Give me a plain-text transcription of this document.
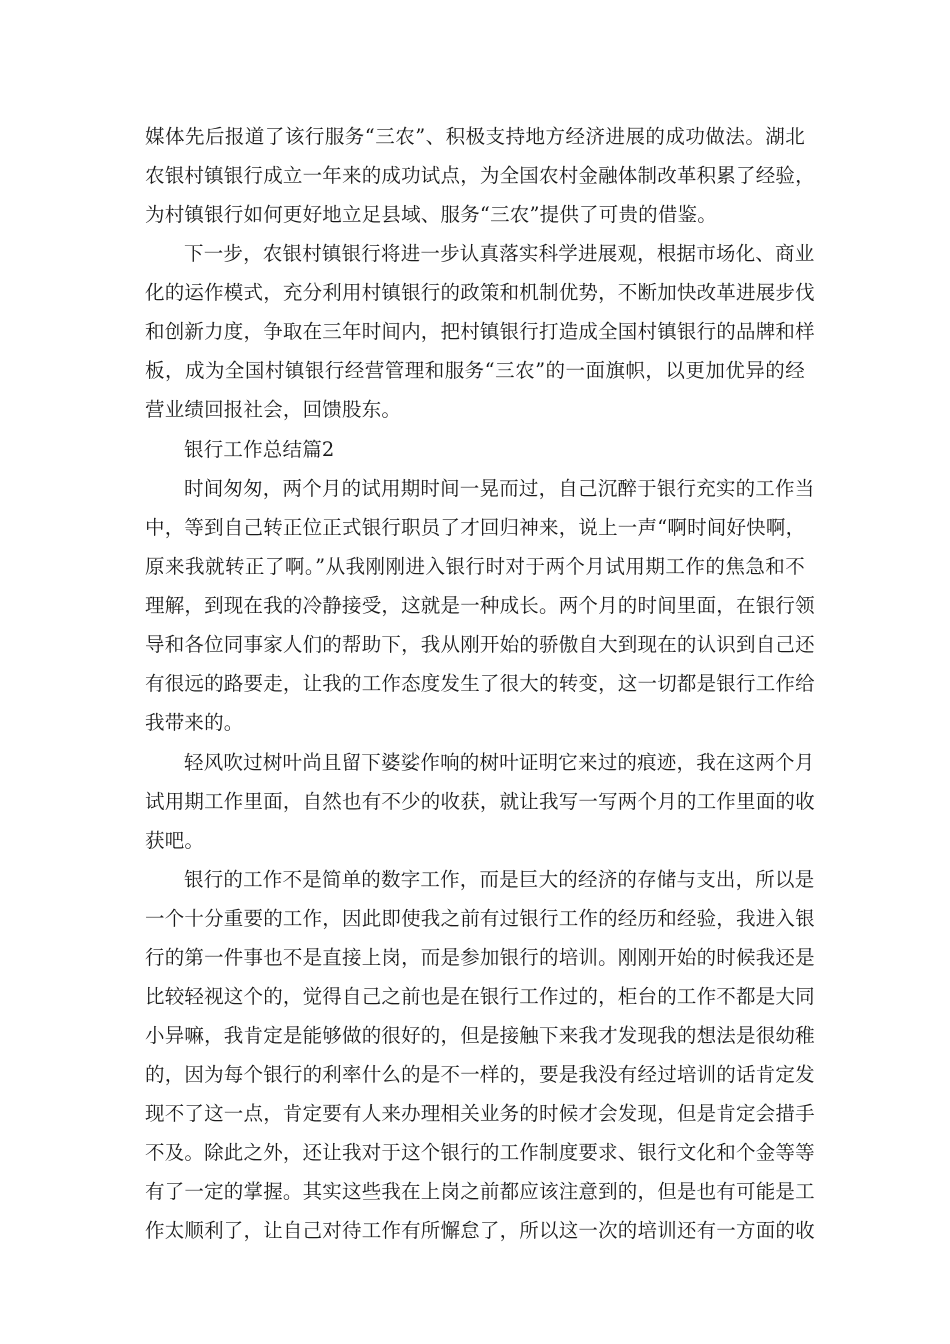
媒体先后报道了该行服务“三农”、积极支持地方经济进展的成功做法。湖北
农银村镇银行成立一年来的成功试点，为全国农村金融体制改革积累了经验，
为村镇银行如何更好地立足县域、服务“三农”提供了可贵的借鉴。
下一步，农银村镇银行将进一步认真落实科学进展观，根据市场化、商业
化的运作模式，充分利用村镇银行的政策和机制优势，不断加快改革进展步伐
和创新力度，争取在三年时间内，把村镇银行打造成全国村镇银行的品牌和样
板，成为全国村镇银行经营管理和服务“三农”的一面旗帜，以更加优异的经
营业绩回报社会，回馈股东。
银行工作总结篇2
时间匆匆，两个月的试用期时间一晃而过，自己沉醉于银行充实的工作当
中，等到自己转正位正式银行职员了才回归神来，说上一声“啊时间好快啊，
原来我就转正了啊。”从我刚刚进入银行时对于两个月试用期工作的焦急和不
理解，到现在我的冷静接受，这就是一种成长。两个月的时间里面，在银行领
导和各位同事家人们的帮助下，我从刚开始的骄傲自大到现在的认识到自己还
有很远的路要走，让我的工作态度发生了很大的转变，这一切都是银行工作给
我带来的。
轻风吹过树叶尚且留下婆娑作响的树叶证明它来过的痕迹，我在这两个月
试用期工作里面，自然也有不少的收获，就让我写一写两个月的工作里面的收
获吧。
银行的工作不是简单的数字工作，而是巨大的经济的存储与支出，所以是
一个十分重要的工作，因此即使我之前有过银行工作的经历和经验，我进入银
行的第一件事也不是直接上岗，而是参加银行的培训。刚刚开始的时候我还是
比较轻视这个的，觉得自己之前也是在银行工作过的，柜台的工作不都是大同
小异嘛，我肯定是能够做的很好的，但是接触下来我才发现我的想法是很幼稚
的，因为每个银行的利率什么的是不一样的，要是我没有经过培训的话肯定发
现不了这一点，肯定要有人来办理相关业务的时候才会发现，但是肯定会措手
不及。除此之外，还让我对于这个银行的工作制度要求、银行文化和个金等等
有了一定的掌握。其实这些我在上岗之前都应该注意到的，但是也有可能是工
作太顺利了，让自己对待工作有所懈怠了，所以这一次的培训还有一方面的收
